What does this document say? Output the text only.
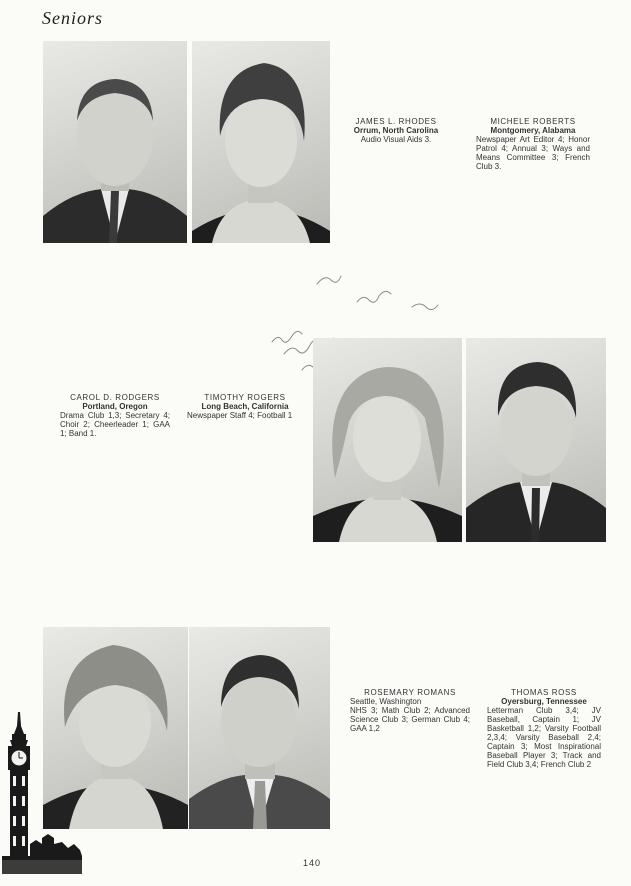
Seniors
JAMES L. RHODES
Orrum, North Carolina
Audio Visual Aids 3.
MICHELE ROBERTS
Montgomery, Alabama
Newspaper Art Editor 4; Honor Patrol 4; Annual 3; Ways and Means Committee 3; French Club 3.
CAROL D. RODGERS
Portland, Oregon
Drama Club 1,3; Secretary 4; Choir 2; Cheerleader 1; GAA 1; Band 1.
TIMOTHY ROGERS
Long Beach, California
Newspaper Staff 4; Football 1
ROSEMARY ROMANS
Seattle, Washington
NHS 3; Math Club 2; Advanced Science Club 3; German Club 4; GAA 1,2
THOMAS ROSS
Oyersburg, Tennessee
Letterman Club 3,4; JV Baseball, Captain 1; JV Basketball 1,2; Varsity Football 2,3,4; Varsity Baseball 2,4; Captain 3; Most Inspirational Baseball Player 3; Track and Field Club 3,4; French Club 2
140
